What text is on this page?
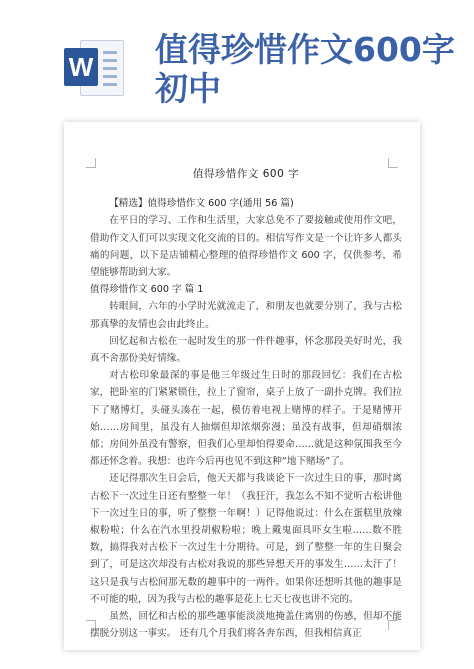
W 值得珍惜作文600字初中

值得珍惜作文 600 字

【精选】值得珍惜作文 600 字(通用 56 篇)

在平日的学习、工作和生活里，大家总免不了要接触或使用作文吧，借助作文人们可以实现文化交流的目的。相信写作文是一个让许多人都头痛的问题，以下是店铺精心整理的值得珍惜作文 600 字，仅供参考，希望能够帮助到大家。

值得珍惜作文 600 字 篇 1

转眼间，六年的小学时光就流走了，和朋友也就要分别了，我与古松那真挚的友情也会由此终止。

回忆起和古松在一起时发生的那一件件趣事，怀念那段美好时光，我真不舍那份美好情缘。

对古松印象最深的事是他三年级过生日时的那段回忆：我们在古松家，把卧室的门紧紧锁住，拉上了窗帘，桌子上放了一副扑克牌。我们拉下了赌博灯，头碰头凑在一起，模仿着电视上赌博的样子。于是赌博开始……房间里，虽没有人抽烟但却浓烟弥漫；虽没有战事，但却硝烟浓郁；房间外虽没有警察，但我们心里却怕得要命……就是这种氛围我至今都还怀念着。我想：也许今后再也见不到这种“地下赌场”了。

还记得那次生日会后，他天天都与我谈论下一次过生日的事，那时离古松下一次过生日还有整整一年！（我狂汗，我怎么不知不觉听古松讲他下一次过生日的事，听了整整一年啊！）记得他说过：什么在蛋糕里放辣椒粉啦；什么在汽水里投胡椒粉啦；晚上戴鬼面具吓女生啦……数不胜数，搞得我对古松下一次过生十分期待。可是，到了整整一年的生日聚会到了，可是这次却没有古松对我说的那些异想天开的事发生……太汗了！这只是我与古松间那无数的趣事中的一两件。如果你还想听其他的趣事是不可能的啦，因为我与古松的趣事是花上七天七夜也讲不完的。

虽然，回忆和古松的那些趣事能淡淡地掩盖住离别的伤感，但却不能摆脱分别这一事实。 还有几个月我们将各奔东西，但我相信真正
